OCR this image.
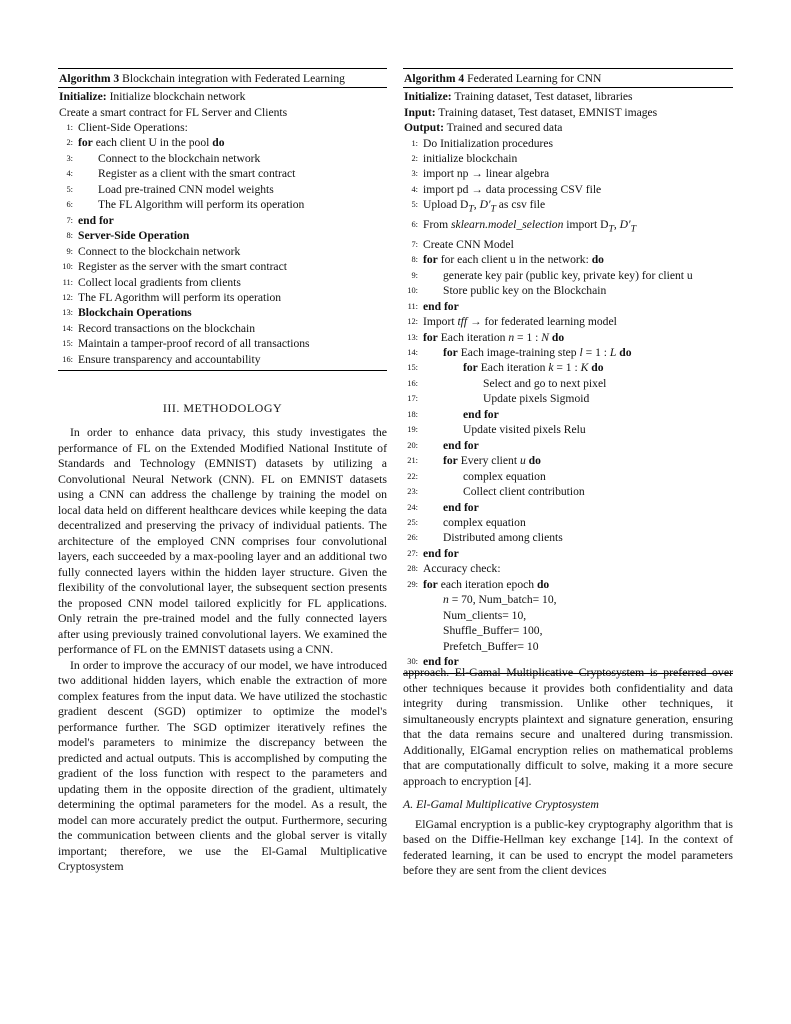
Algorithm 3 Blockchain integration with Federated Learning
Initialize: Initialize blockchain network
Create a smart contract for FL Server and Clients
1: Client-Side Operations:
2: for each client U in the pool do
3:	Connect to the blockchain network
4:	Register as a client with the smart contract
5:	Load pre-trained CNN model weights
6:	The FL Algorithm will perform its operation
7: end for
8: Server-Side Operation
9: Connect to the blockchain network
10: Register as the server with the smart contract
11: Collect local gradients from clients
12: The FL Agorithm will perform its operation
13: Blockchain Operations
14: Record transactions on the blockchain
15: Maintain a tamper-proof record of all transactions
16: Ensure transparency and accountability
III. METHODOLOGY

In order to enhance data privacy, this study investigates the performance of FL on the Extended Modified National Institute of Standards and Technology (EMNIST) datasets by utilizing a Convolutional Neural Network (CNN). FL on EMNIST datasets using a CNN can address the challenge by training the model on local data held on different healthcare devices while keeping the data decentralized and preserving the privacy of individual patients. The architecture of the employed CNN comprises four convolutional layers, each succeeded by a max-pooling layer and an additional two fully connected layers within the hidden layer structure. Given the flexibility of the convolutional layer, the subsequent section presents the proposed CNN model tailored explicitly for FL applications. Only retrain the pre-trained model and the fully connected layers after using previously trained convolutional layers. We examined the performance of FL on the EMNIST datasets using a CNN.

In order to improve the accuracy of our model, we have introduced two additional hidden layers, which enable the extraction of more complex features from the input data. We have utilized the stochastic gradient descent (SGD) optimizer to optimize the model's performance further. The SGD optimizer iteratively refines the model's parameters to minimize the discrepancy between the predicted and actual outputs. This is accomplished by computing the gradient of the loss function with respect to the parameters and updating them in the opposite direction of the gradient, ultimately determining the optimal parameters for the model. As a result, the model can more accurately predict the output. Furthermore, securing the communication between clients and the global server is vitally important; therefore, we use the El-Gamal Multiplicative Cryptosystem

Algorithm 4 Federated Learning for CNN
Initialize: Training dataset, Test dataset, libraries
Input: Training dataset, Test dataset, EMNIST images
Output: Trained and secured data
1: Do Initialization procedures
2: initialize blockchain
3: import np → linear algebra
4: import pd → data processing CSV file
5: Upload $D_T$, $D'_T$ as csv file
6: From sklearn.model_selection import $D_T$, $D'_T$
7: Create CNN Model
8: for for each client u in the network: do
9:	generate key pair (public key, private key) for client u
10:	Store public key on the Blockchain
11: end for
12: Import tff → for federated learning model
13: for Each iteration n = 1 : N do
14:	for Each image-training step l = 1 : L do
15:	for Each iteration k = 1 : K do
16:	Select and go to next pixel
17:	Update pixels Sigmoid
18:	end for
19:	Update visited pixels Relu
20:	end for
21:	for Every client u do
22:	complex equation
23:	Collect client contribution
24:	end for
25:	complex equation
26:	Distributed among clients
27: end for
28: Accuracy check:
29: for each iteration epoch do
n = 70, Num_batch= 10,
Num_clients= 10,
Shuffle_Buffer= 100,
Prefetch_Buffer= 10
30: end for

approach. El-Gamal Multiplicative Cryptosystem is preferred over other techniques because it provides both confidentiality and data integrity during transmission. Unlike other techniques, it simultaneously encrypts plaintext and signature generation, ensuring that the data remains secure and unaltered during transmission. Additionally, ElGamal encryption relies on mathematical problems that are computationally difficult to solve, making it a more secure approach to encryption [4].

A. El-Gamal Multiplicative Cryptosystem

ElGamal encryption is a public-key cryptography algorithm that is based on the Diffie-Hellman key exchange [14]. In the context of federated learning, it can be used to encrypt the model parameters before they are sent from the client devices
